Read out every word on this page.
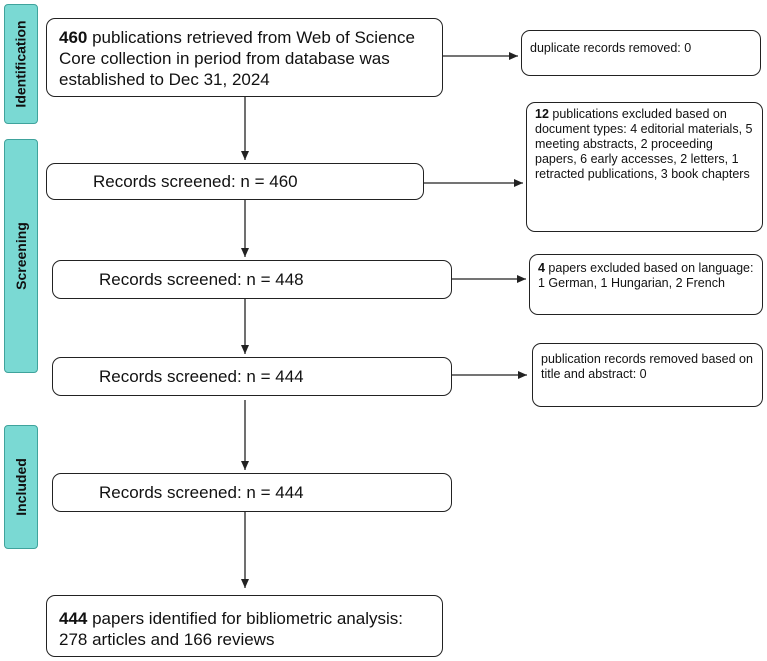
Identification
Screening
Included
460 publications retrieved from Web of Science Core collection in period from database was established to Dec 31, 2024
Records screened: n = 460
Records screened: n = 448
Records screened: n = 444
Records screened: n = 444
444 papers identified for bibliometric analysis: 278 articles and 166 reviews
duplicate records removed: 0
12 publications excluded based on document types: 4 editorial materials, 5 meeting abstracts, 2 proceeding papers, 6 early accesses, 2 letters, 1 retracted publications, 3 book chapters
4 papers excluded based on language: 1 German, 1 Hungarian, 2 French
publication records removed based on title and abstract: 0
